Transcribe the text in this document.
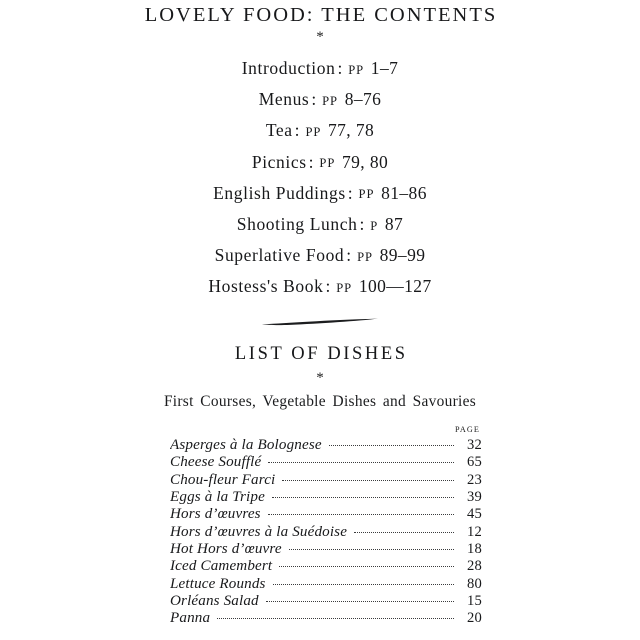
LOVELY FOOD: THE CONTENTS
*
Introduction : PP 1–7
Menus : PP 8–76
Tea : PP 77, 78
Picnics : PP 79, 80
English Puddings : PP 81–86
Shooting Lunch : P 87
Superlative Food : PP 89–99
Hostess's Book : PP 100—127
LIST OF DISHES
*
First Courses, Vegetable Dishes and Savouries
PAGE
Asperges à la Bolognese	32
Cheese Soufflé	65
Chou-fleur Farci	23
Eggs à la Tripe	39
Hors d’œuvres	45
Hors d’œuvres à la Suédoise	12
Hot Hors d’œuvre	18
Iced Camembert	28
Lettuce Rounds	80
Orléans Salad	15
Panna	20
